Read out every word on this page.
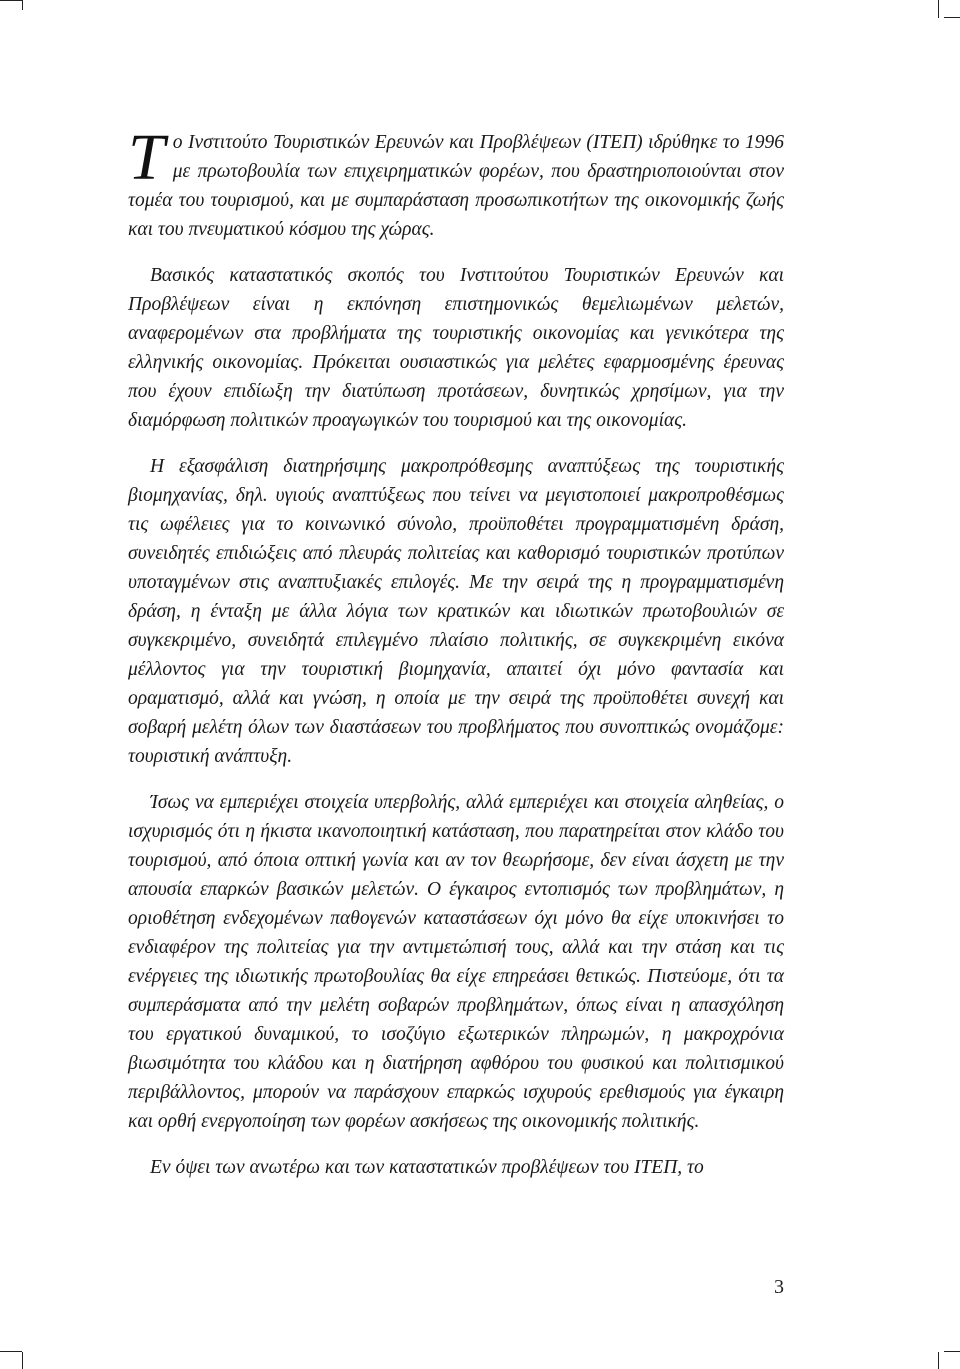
Το Ινστιτούτο Τουριστικών Ερευνών και Προβλέψεων (ΙΤΕΠ) ιδρύθηκε το 1996 με πρωτοβουλία των επιχειρηματικών φορέων, που δραστηριοποιούνται στον τομέα του τουρισμού, και με συμπαράσταση προσωπικοτήτων της οικονομικής ζωής και του πνευματικού κόσμου της χώρας.

Βασικός καταστατικός σκοπός του Ινστιτούτου Τουριστικών Ερευνών και Προβλέψεων είναι η εκπόνηση επιστημονικώς θεμελιωμένων μελετών, αναφερομένων στα προβλήματα της τουριστικής οικονομίας και γενικότερα της ελληνικής οικονομίας. Πρόκειται ουσιαστικώς για μελέτες εφαρμοσμένης έρευνας που έχουν επιδίωξη την διατύπωση προτάσεων, δυνητικώς χρησίμων, για την διαμόρφωση πολιτικών προαγωγικών του τουρισμού και της οικονομίας.

Η εξασφάλιση διατηρήσιμης μακροπρόθεσμης αναπτύξεως της τουριστικής βιομηχανίας, δηλ. υγιούς αναπτύξεως που τείνει να μεγιστοποιεί μακροπροθέσμως τις ωφέλειες για το κοινωνικό σύνολο, προϋποθέτει προγραμματισμένη δράση, συνειδητές επιδιώξεις από πλευράς πολιτείας και καθορισμό τουριστικών προτύπων υποταγμένων στις αναπτυξιακές επιλογές. Με την σειρά της η προγραμματισμένη δράση, η ένταξη με άλλα λόγια των κρατικών και ιδιωτικών πρωτοβουλιών σε συγκεκριμένο, συνειδητά επιλεγμένο πλαίσιο πολιτικής, σε συγκεκριμένη εικόνα μέλλοντος για την τουριστική βιομηχανία, απαιτεί όχι μόνο φαντασία και οραματισμό, αλλά και γνώση, η οποία με την σειρά της προϋποθέτει συνεχή και σοβαρή μελέτη όλων των διαστάσεων του προβλήματος που συνοπτικώς ονομάζομε: τουριστική ανάπτυξη.

Ίσως να εμπεριέχει στοιχεία υπερβολής, αλλά εμπεριέχει και στοιχεία αληθείας, ο ισχυρισμός ότι η ήκιστα ικανοποιητική κατάσταση, που παρατηρείται στον κλάδο του τουρισμού, από όποια οπτική γωνία και αν τον θεωρήσομε, δεν είναι άσχετη με την απουσία επαρκών βασικών μελετών. Ο έγκαιρος εντοπισμός των προβλημάτων, η οριοθέτηση ενδεχομένων παθογενών καταστάσεων όχι μόνο θα είχε υποκινήσει το ενδιαφέρον της πολιτείας για την αντιμετώπισή τους, αλλά και την στάση και τις ενέργειες της ιδιωτικής πρωτοβουλίας θα είχε επηρεάσει θετικώς. Πιστεύομε, ότι τα συμπεράσματα από την μελέτη σοβαρών προβλημάτων, όπως είναι η απασχόληση του εργατικού δυναμικού, το ισοζύγιο εξωτερικών πληρωμών, η μακροχρόνια βιωσιμότητα του κλάδου και η διατήρηση αφθόρου του φυσικού και πολιτισμικού περιβάλλοντος, μπορούν να παράσχουν επαρκώς ισχυρούς ερεθισμούς για έγκαιρη και ορθή ενεργοποίηση των φορέων ασκήσεως της οικονομικής πολιτικής.

Εν όψει των ανωτέρω και των καταστατικών προβλέψεων του ΙΤΕΠ, το

3
